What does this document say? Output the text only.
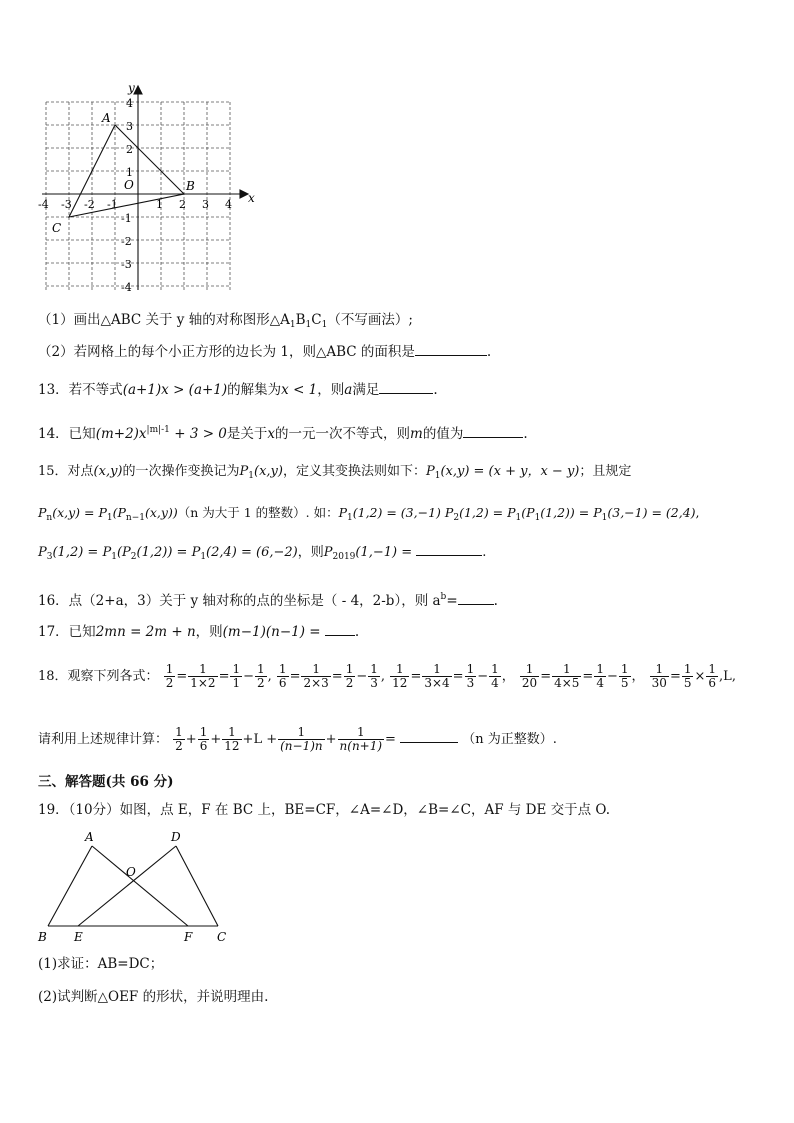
x
y
O
-4 -3 -2 -1	1 2 3 4
4
3
2
1
-1
-2
-3
-4
A
B
C
（1）画出△ABC 关于 y 轴的对称图形$\triangle A_1B_1C_1$（不写画法）;
（2）若网格上的每个小正方形的边长为 1，则△ABC 的面积是	.
13．若不等式(a+1)x > (a+1)的解集为x < 1，则a满足	.
14．已知$(m+2)x^{|m|-1} + 3 > 0$是关于x的一元一次不等式，则m的值为	.
15．对点(x,y)的一次操作变换记为$P_1(x,y)$，定义其变换法则如下：$P_1(x,y) = (x + y$，x − y)；且规定
$P_n(x,y) = P_1(P_{n-1}(x,y))(n$ 为大于 1 的整数）. 如：$P_1(1,2) = (3,-1) P_2(1,2) = P_1(P_1(1,2)) = P_1(3,-1) = (2,4)$,
$P_3(1,2) = P_1(P_2(1,2)) = P_1(2,4) = (6,-2)$，则$P_{2019}(1,-1)$ =	.
16．点（2+a，3）关于 y 轴对称的点的坐标是（ - 4，2-b），则 $a^b=$	.
17．已知2mn = 2m + n，则(m−1)(n−1) =	.
18．观察下列各式： $\frac{1}{2} = \frac{1}{1\times 2} = \frac{1}{1} - \frac{1}{2}$ , $\frac{1}{6} = \frac{1}{2\times 3} = \frac{1}{2} - \frac{1}{3}$ , $\frac{1}{12} = \frac{1}{3\times 4} = \frac{1}{3} - \frac{1}{4}$ ， $\frac{1}{20} = \frac{1}{4\times 5} = \frac{1}{4} - \frac{1}{5}$ ， $\frac{1}{30} = \frac{1}{5} \times \frac{1}{6} ,L$,
请利用上述规律计算： $\frac{1}{2} + \frac{1}{6} + \frac{1}{12} +L + \frac{1}{(n-1)n} + \frac{1}{n(n+1)}$ =	（n 为正整数）.
三、解答题(共 66 分)
19．（10分）如图，点 E，F 在 BC 上，BE=CF，∠A=∠D，∠B=∠C，AF 与 DE 交于点 O.
A	D
O
B E	F C
(1)求证：AB=DC；
(2)试判断△OEF 的形状，并说明理由.
